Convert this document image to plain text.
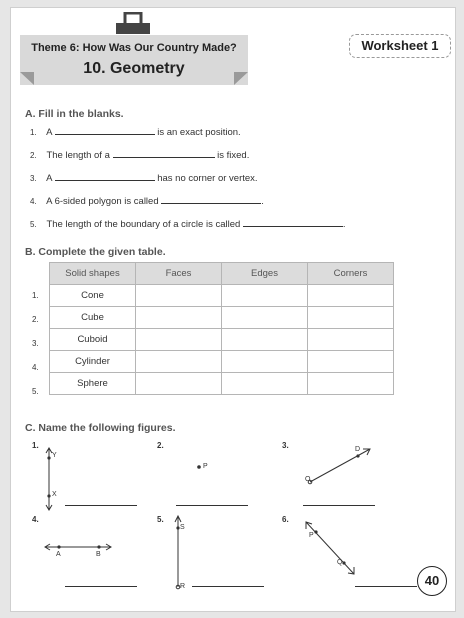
Theme 6: How Was Our Country Made?
10. Geometry
Worksheet 1
A. Fill in the blanks.
1. A	is an exact position.
2. The length of a	is fixed.
3. A	has no corner or vertex.
4. A 6-sided polygon is called	.
5. The length of the boundary of a circle is called	.
B. Complete the given table.
Solid shapes	Faces	Edges	Corners
Cone			
Cube			
Cuboid			
Cylinder			
Sphere			
1.
2.
3.
4.
5.
C. Name the following figures.
1.
Y
X
2.
P
3.	D
O
4.
A	B
5.
S
R
6.
P
Q
40
